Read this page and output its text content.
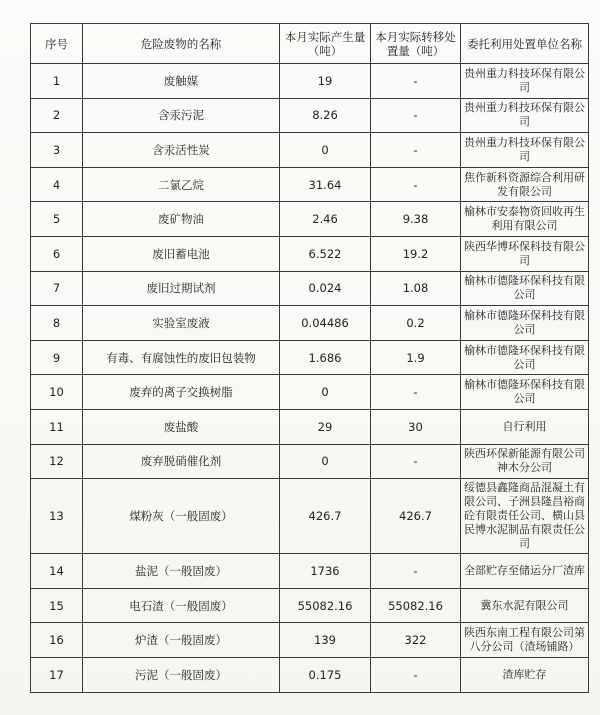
序号	危险废物的名称	本月实际产生量（吨）	本月实际转移处置量（吨）	委托利用处置单位名称
1	废触媒	19	-	贵州重力科技环保有限公司
2	含汞污泥	8.26	-	贵州重力科技环保有限公司
3	含汞活性炭	0	-	贵州重力科技环保有限公司
4	二氯乙烷	31.64	-	焦作新科资源综合利用研发有限公司
5	废矿物油	2.46	9.38	榆林市安泰物资回收再生利用有限公司
6	废旧蓄电池	6.522	19.2	陕西华博环保科技有限公司
7	废旧过期试剂	0.024	1.08	榆林市德隆环保科技有限公司
8	实验室废液	0.04486	0.2	榆林市德隆环保科技有限公司
9	有毒、有腐蚀性的废旧包装物	1.686	1.9	榆林市德隆环保科技有限公司
10	废弃的离子交换树脂	0	-	榆林市德隆环保科技有限公司
11	废盐酸	29	30	自行利用
12	废弃脱硝催化剂	0	-	陕西环保新能源有限公司神木分公司
13	煤粉灰（一般固废）	426.7	426.7	绥德县鑫隆商品混凝土有限公司、子洲县隆昌裕商砼有限责任公司、横山县民博水泥制品有限责任公司
14	盐泥（一般固废）	1736	-	全部贮存至储运分厂渣库
15	电石渣（一般固废）	55082.16	55082.16	冀东水泥有限公司
16	炉渣（一般固废）	139	322	陕西东南工程有限公司第八分公司（渣场铺路）
17	污泥（一般固废）	0.175	-	渣库贮存
